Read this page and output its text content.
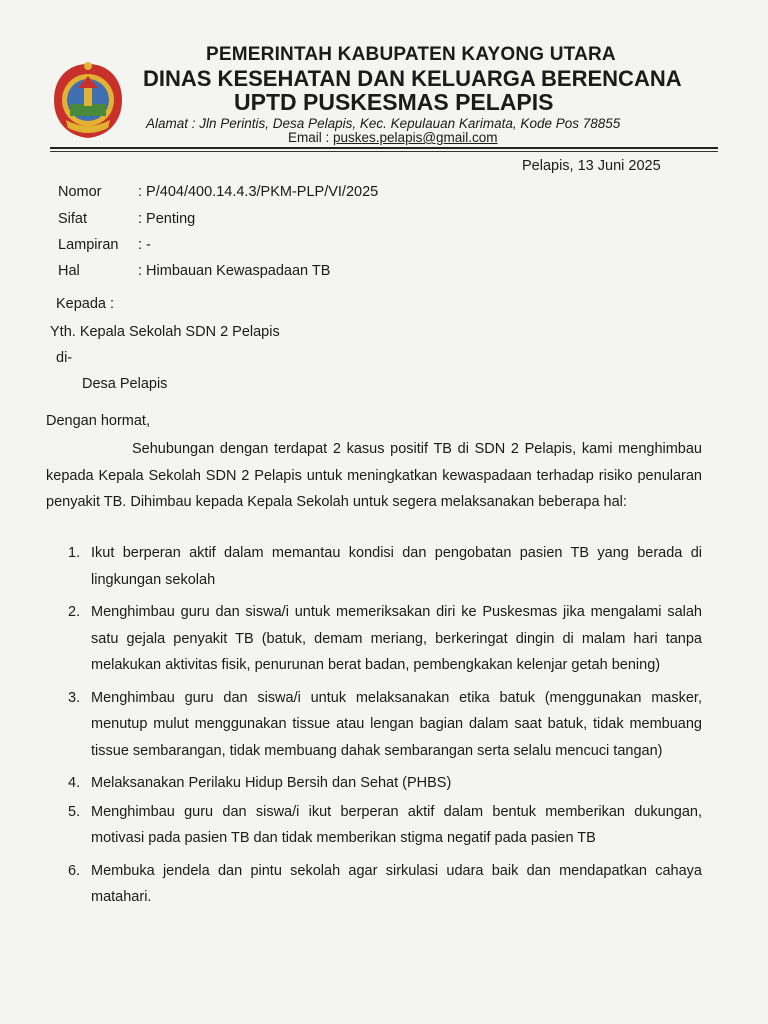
PEMERINTAH KABUPATEN KAYONG UTARA
DINAS KESEHATAN DAN KELUARGA BERENCANA
UPTD PUSKESMAS PELAPIS
Alamat : Jln Perintis, Desa Pelapis, Kec. Kepulauan Karimata, Kode Pos 78855
Email : puskes.pelapis@gmail.com
Pelapis, 13 Juni 2025
Nomor	: P/404/400.14.4.3/PKM-PLP/VI/2025
Sifat	: Penting
Lampiran : -
Hal	: Himbauan Kewaspadaan TB
Kepada :
Yth. Kepala Sekolah SDN 2 Pelapis
di-
Desa Pelapis
Dengan hormat,
Sehubungan dengan terdapat 2 kasus positif TB di SDN 2 Pelapis, kami menghimbau kepada Kepala Sekolah SDN 2 Pelapis untuk meningkatkan kewaspadaan terhadap risiko penularan penyakit TB. Dihimbau kepada Kepala Sekolah untuk segera melaksanakan beberapa hal:
1. Ikut berperan aktif dalam memantau kondisi dan pengobatan pasien TB yang berada di lingkungan sekolah
2. Menghimbau guru dan siswa/i untuk memeriksakan diri ke Puskesmas jika mengalami salah satu gejala penyakit TB (batuk, demam meriang, berkeringat dingin di malam hari tanpa melakukan aktivitas fisik, penurunan berat badan, pembengkakan kelenjar getah bening)
3. Menghimbau guru dan siswa/i untuk melaksanakan etika batuk (menggunakan masker, menutup mulut menggunakan tissue atau lengan bagian dalam saat batuk, tidak membuang tissue sembarangan, tidak membuang dahak sembarangan serta selalu mencuci tangan)
4. Melaksanakan Perilaku Hidup Bersih dan Sehat (PHBS)
5. Menghimbau guru dan siswa/i ikut berperan aktif dalam bentuk memberikan dukungan, motivasi pada pasien TB dan tidak memberikan stigma negatif pada pasien TB
6. Membuka jendela dan pintu sekolah agar sirkulasi udara baik dan mendapatkan cahaya matahari.
